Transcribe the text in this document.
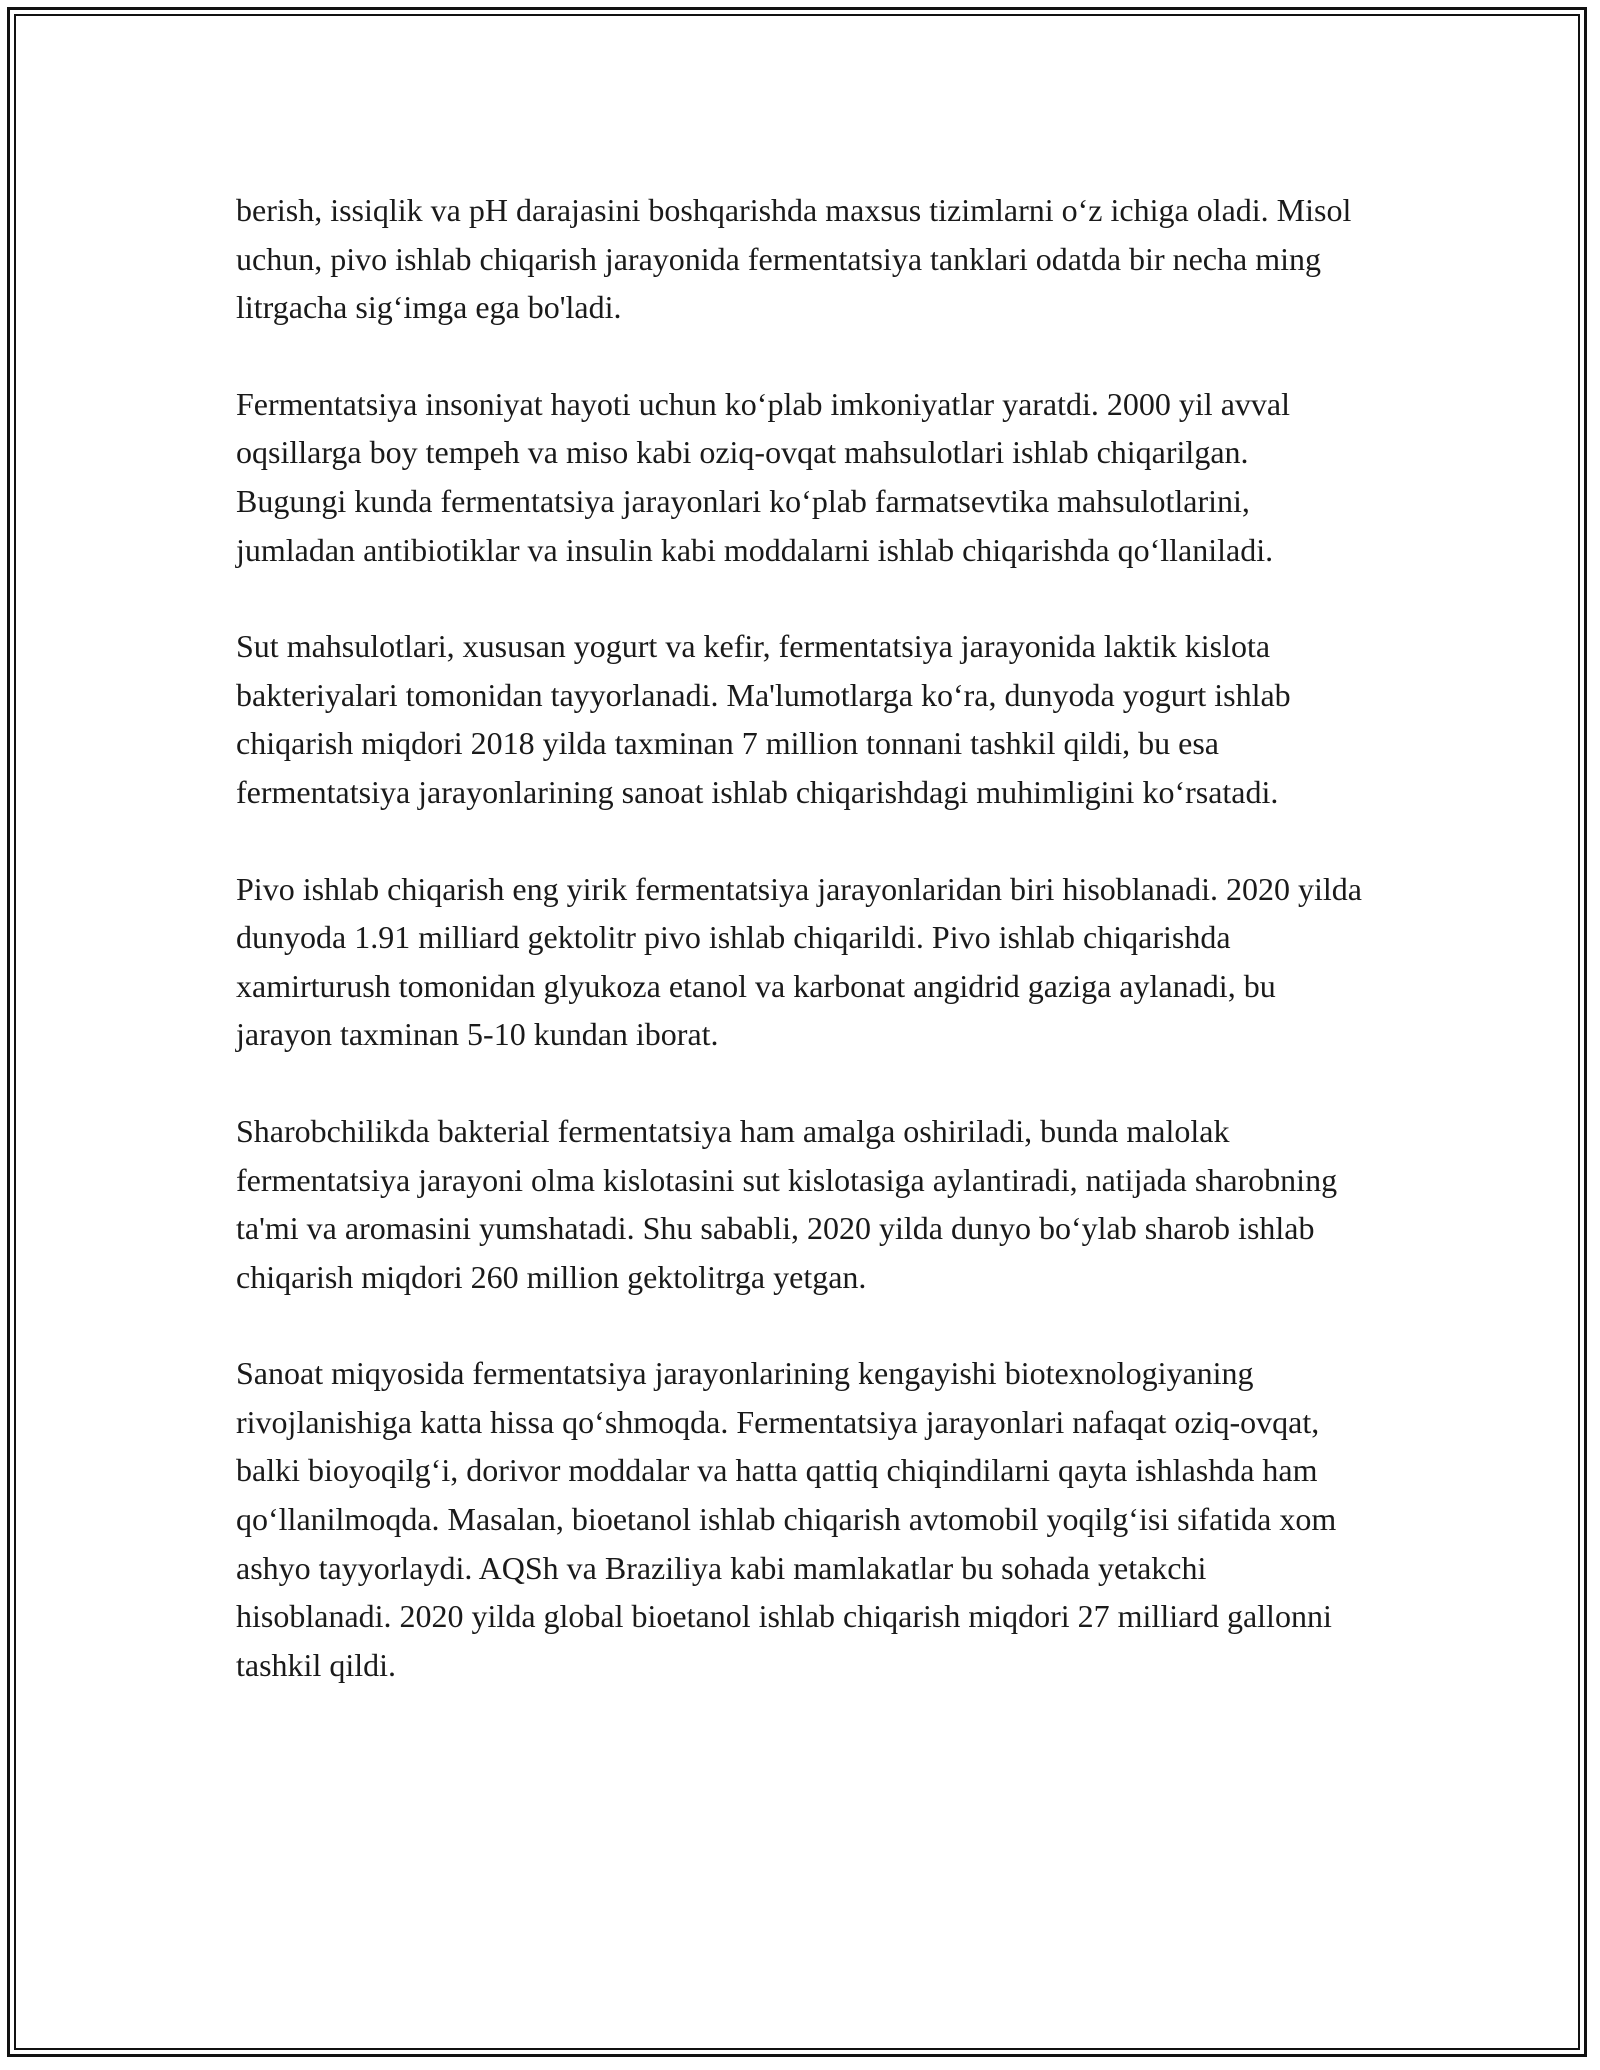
berish, issiqlik va pH darajasini boshqarishda maxsus tizimlarni o‘z ichiga oladi. Misol uchun, pivo ishlab chiqarish jarayonida fermentatsiya tanklari odatda bir necha ming litrgacha sig‘imga ega bo'ladi.

Fermentatsiya insoniyat hayoti uchun ko‘plab imkoniyatlar yaratdi. 2000 yil avval oqsillarga boy tempeh va miso kabi oziq-ovqat mahsulotlari ishlab chiqarilgan. Bugungi kunda fermentatsiya jarayonlari ko‘plab farmatsevtika mahsulotlarini, jumladan antibiotiklar va insulin kabi moddalarni ishlab chiqarishda qo‘llaniladi.

Sut mahsulotlari, xususan yogurt va kefir, fermentatsiya jarayonida laktik kislota bakteriyalari tomonidan tayyorlanadi. Ma'lumotlarga ko‘ra, dunyoda yogurt ishlab chiqarish miqdori 2018 yilda taxminan 7 million tonnani tashkil qildi, bu esa fermentatsiya jarayonlarining sanoat ishlab chiqarishdagi muhimligini ko‘rsatadi.

Pivo ishlab chiqarish eng yirik fermentatsiya jarayonlaridan biri hisoblanadi. 2020 yilda dunyoda 1.91 milliard gektolitr pivo ishlab chiqarildi. Pivo ishlab chiqarishda xamirturush tomonidan glyukoza etanol va karbonat angidrid gaziga aylanadi, bu jarayon taxminan 5-10 kundan iborat.

Sharobchilikda bakterial fermentatsiya ham amalga oshiriladi, bunda malolak fermentatsiya jarayoni olma kislotasini sut kislotasiga aylantiradi, natijada sharobning ta'mi va aromasini yumshatadi. Shu sababli, 2020 yilda dunyo bo‘ylab sharob ishlab chiqarish miqdori 260 million gektolitrga yetgan.

Sanoat miqyosida fermentatsiya jarayonlarining kengayishi biotexnologiyaning rivojlanishiga katta hissa qo‘shmoqda. Fermentatsiya jarayonlari nafaqat oziq-ovqat, balki bioyoqilg‘i, dorivor moddalar va hatta qattiq chiqindilarni qayta ishlashda ham qo‘llanilmoqda. Masalan, bioetanol ishlab chiqarish avtomobil yoqilg‘isi sifatida xom ashyo tayyorlaydi. AQSh va Braziliya kabi mamlakatlar bu sohada yetakchi hisoblanadi. 2020 yilda global bioetanol ishlab chiqarish miqdori 27 milliard gallonni tashkil qildi.
